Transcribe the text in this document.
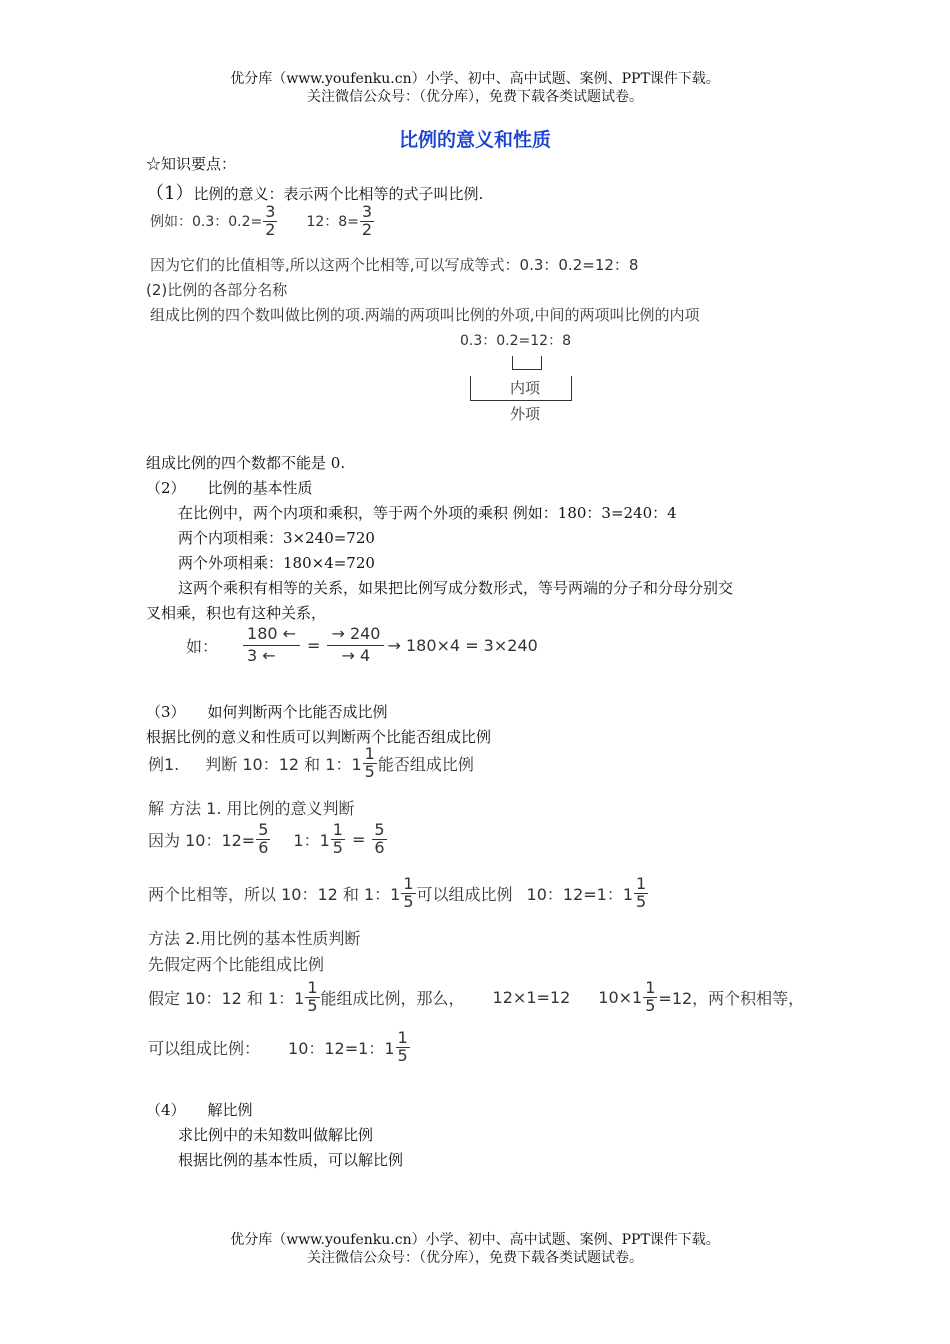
优分库（www.youfenku.cn）小学、初中、高中试题、案例、PPT课件下载。
关注微信公众号：（优分库），免费下载各类试题试卷。
比例的意义和性质
☆知识要点：
（1）比例的意义：表示两个比相等的式子叫比例.
例如：0.3：$0.2= \frac{3}{2} 12$：$8= \frac{3}{2}$
因为它们的比值相等,所以这两个比相等,可以写成等式：0.3：0.2=12：8
(2)比例的各部分名称
组成比例的四个数叫做比例的项.两端的两项叫比例的外项,中间的两项叫比例的内项
0.3：0.2=12：8
内项
外项
组成比例的四个数都不能是 0.
（2） 比例的基本性质
在比例中，两个内项和乘积，等于两个外项的乘积 例如：180：3=240：4
两个内项相乘：3×240=720
两个外项相乘：180×4=720
这两个乘积有相等的关系，如果把比例写成分数形式，等号两端的分子和分母分别交
叉相乘，积也有这种关系，
如： $\frac{180 \leftarrow}{3 \leftarrow} = \frac{\to 240}{\to 4} \to 180\times 4 = 3\times 240$
（3） 如何判断两个比能否成比例
根据比例的意义和性质可以判断两个比能否组成比例
例1. 判断 10：12 和 1：$1 \frac{1}{5}$ 能否组成比例
解 方法 1. 用比例的意义判断
因为 10：$12= \frac{5}{6} 1$：$1 \frac{1}{5} = \frac{5}{6}$
两个比相等，所以 10：12 和 1：$1 \frac{1}{5}$ 可以组成比例 10：12=1：$1 \frac{1}{5}$
方法 2.用比例的基本性质判断
先假定两个比能组成比例
假定 10：12 和 1：$1 \frac{1}{5}$ 能组成比例，那么， 12×1=12 $10\times 1 \frac{1}{5} =12$，两个积相等，
可以组成比例： 10：12=1：$1 \frac{1}{5}$
（4） 解比例
求比例中的未知数叫做解比例
根据比例的基本性质，可以解比例
优分库（www.youfenku.cn）小学、初中、高中试题、案例、PPT课件下载。
关注微信公众号：（优分库），免费下载各类试题试卷。
